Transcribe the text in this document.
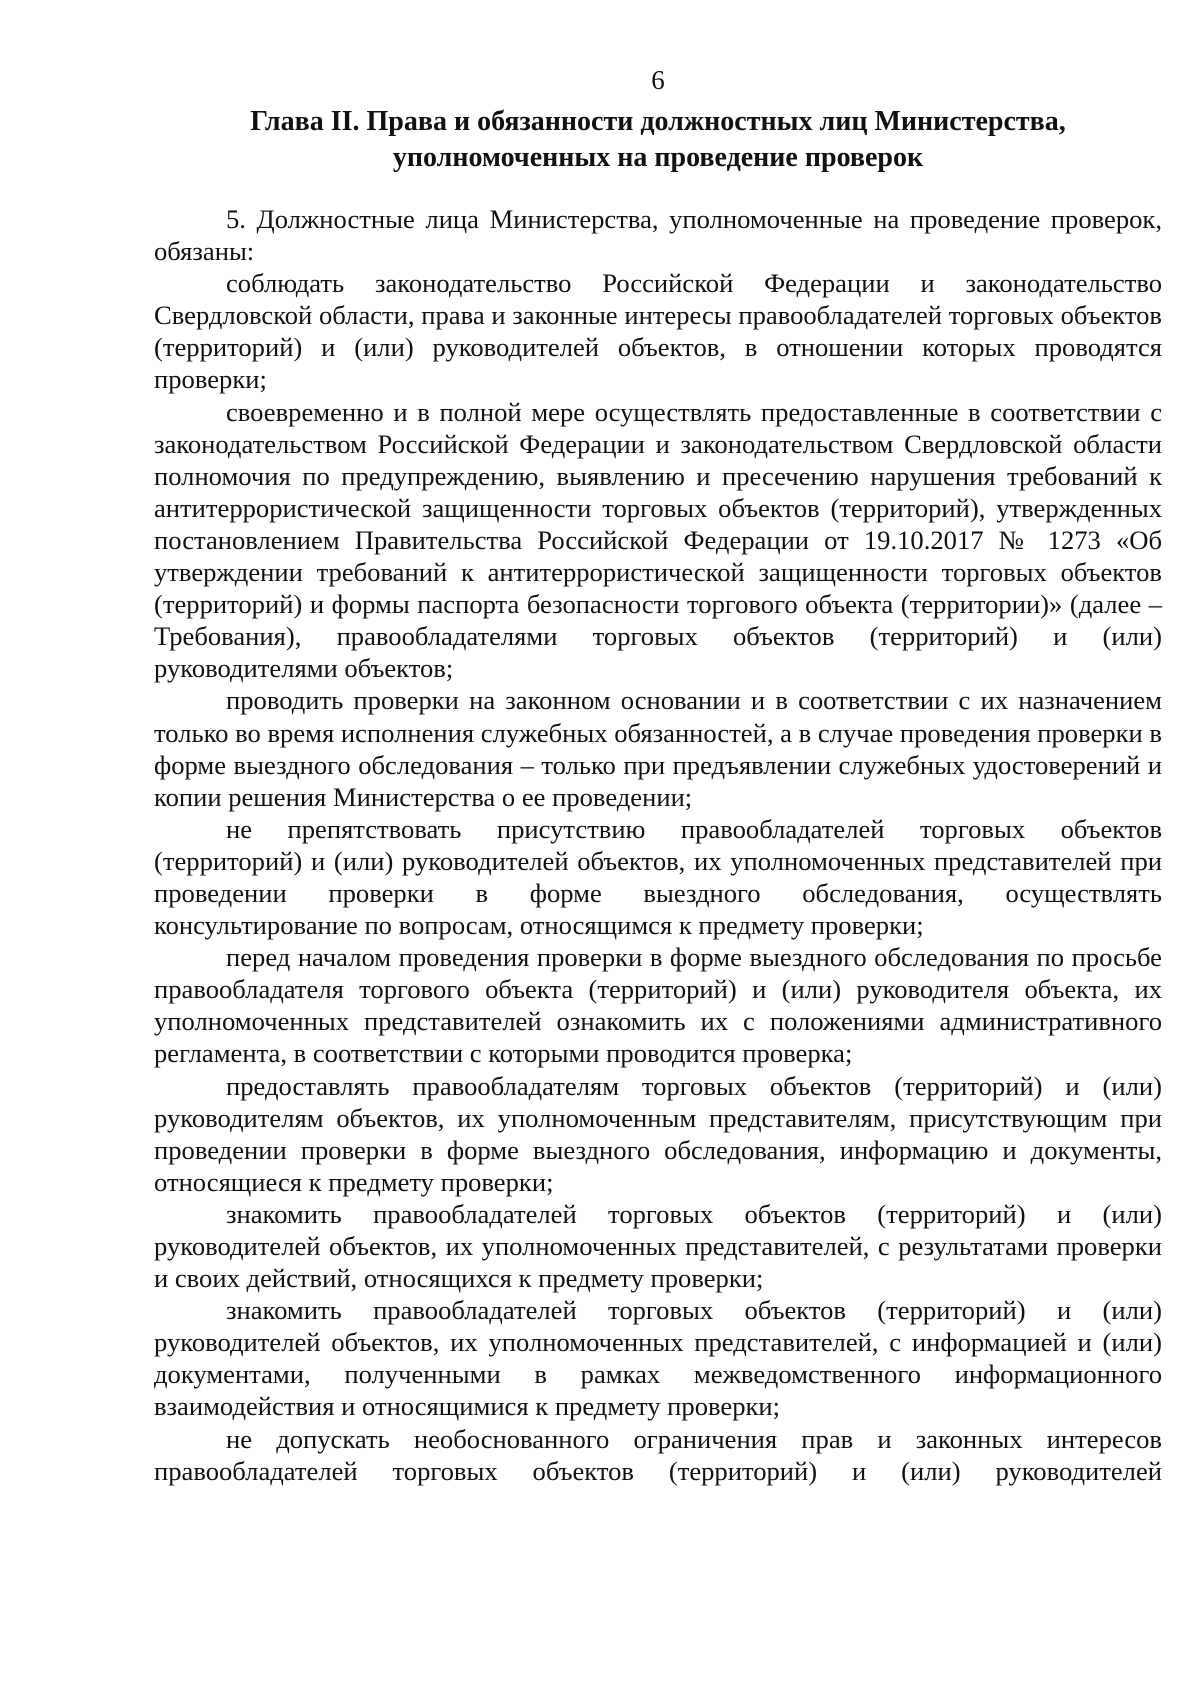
6
Глава II. Права и обязанности должностных лиц Министерства,
уполномоченных на проведение проверок

5. Должностные лица Министерства, уполномоченные на проведение проверок, обязаны:

соблюдать законодательство Российской Федерации и законодательство Свердловской области, права и законные интересы правообладателей торговых объектов (территорий) и (или) руководителей объектов, в отношении которых проводятся проверки;

своевременно и в полной мере осуществлять предоставленные в соответствии с законодательством Российской Федерации и законодательством Свердловской области полномочия по предупреждению, выявлению и пресечению нарушения требований к антитеррористической защищенности торговых объектов (территорий), утвержденных постановлением Правительства Российской Федерации от 19.10.2017 № 1273 «Об утверждении требований к антитеррористической защищенности торговых объектов (территорий) и формы паспорта безопасности торгового объекта (территории)» (далее – Требования), правообладателями торговых объектов (территорий) и (или) руководителями объектов;

проводить проверки на законном основании и в соответствии с их назначением только во время исполнения служебных обязанностей, а в случае проведения проверки в форме выездного обследования – только при предъявлении служебных удостоверений и копии решения Министерства о ее проведении;

не препятствовать присутствию правообладателей торговых объектов (территорий) и (или) руководителей объектов, их уполномоченных представителей при проведении проверки в форме выездного обследования, осуществлять консультирование по вопросам, относящимся к предмету проверки;

перед началом проведения проверки в форме выездного обследования по просьбе правообладателя торгового объекта (территорий) и (или) руководителя объекта, их уполномоченных представителей ознакомить их с положениями административного регламента, в соответствии с которыми проводится проверка;

предоставлять правообладателям торговых объектов (территорий) и (или) руководителям объектов, их уполномоченным представителям, присутствующим при проведении проверки в форме выездного обследования, информацию и документы, относящиеся к предмету проверки;

знакомить правообладателей торговых объектов (территорий) и (или) руководителей объектов, их уполномоченных представителей, с результатами проверки и своих действий, относящихся к предмету проверки;

знакомить правообладателей торговых объектов (территорий) и (или) руководителей объектов, их уполномоченных представителей, с информацией и (или) документами, полученными в рамках межведомственного информационного взаимодействия и относящимися к предмету проверки;

не допускать необоснованного ограничения прав и законных интересов правообладателей торговых объектов (территорий) и (или) руководителей
